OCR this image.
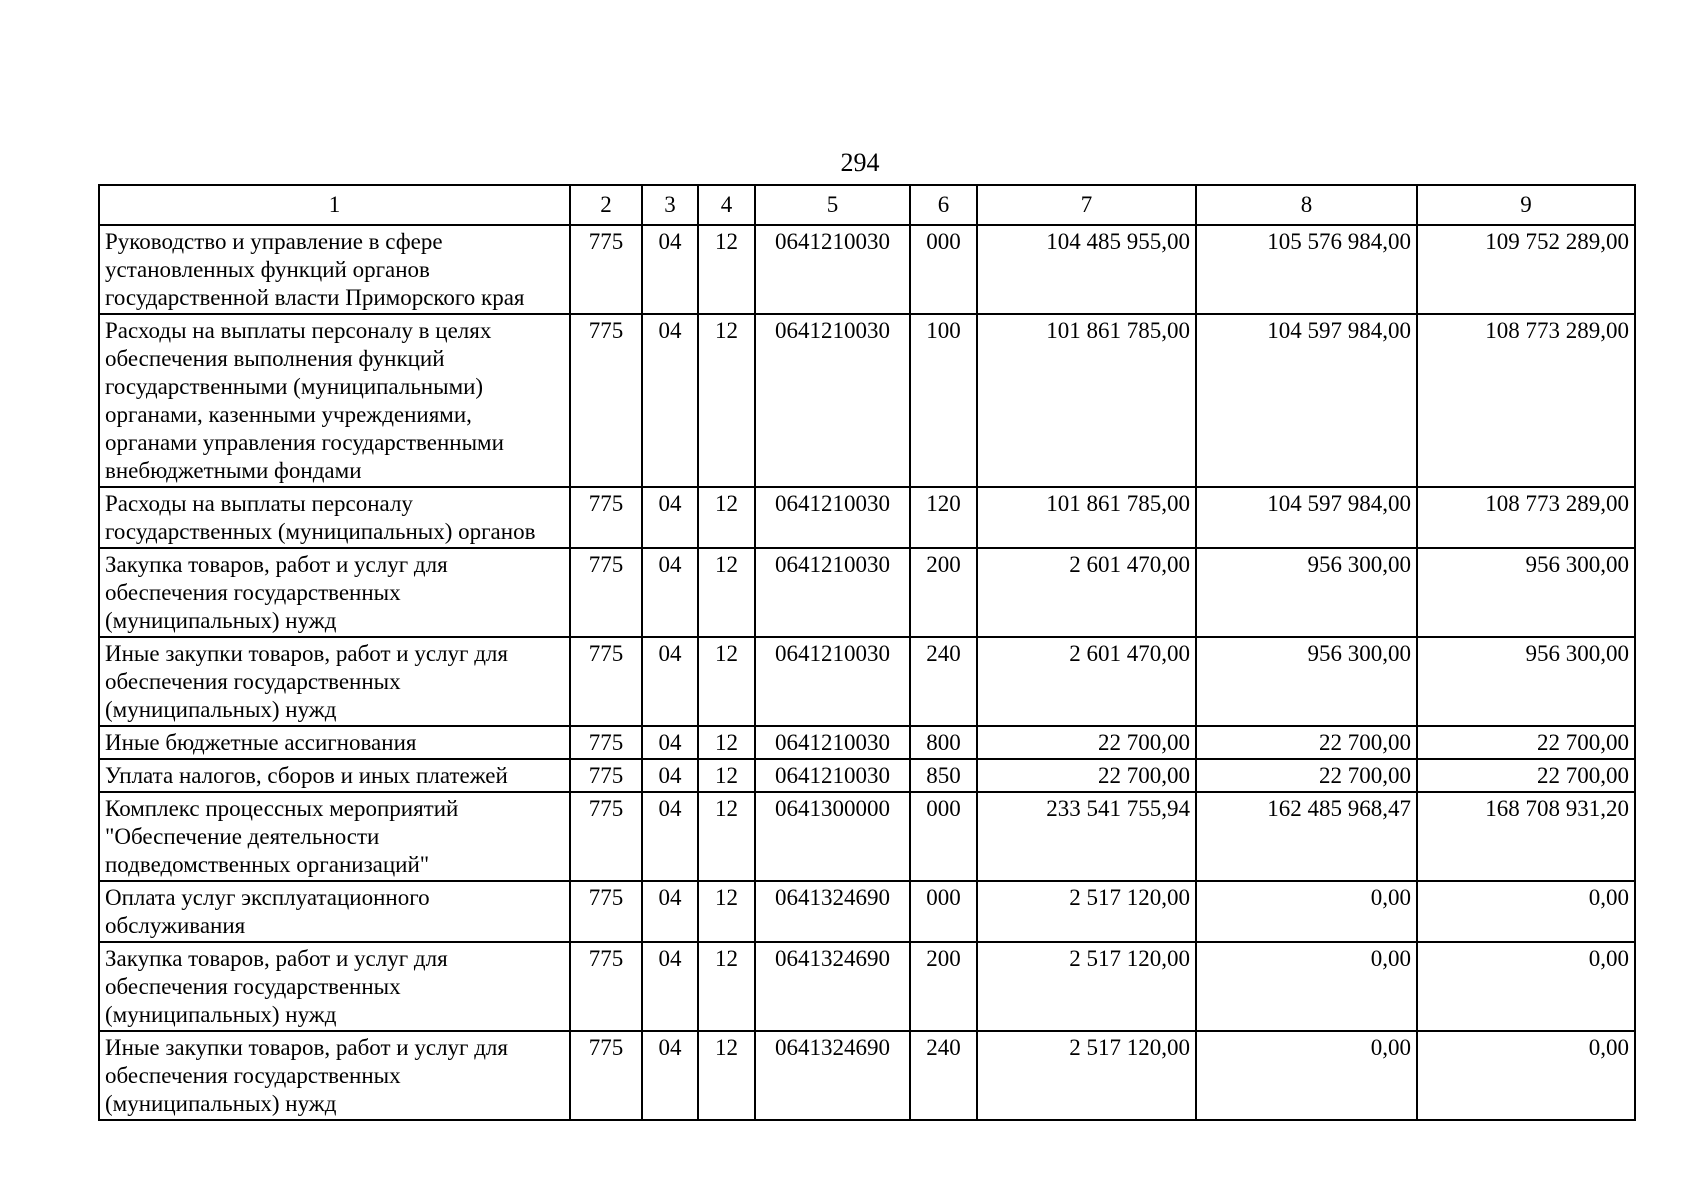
294
1	2	3	4	5	6	7	8	9
Руководство и управление в сфере установленных функций органов государственной власти Приморского края	775	04	12	0641210030	000	104 485 955,00	105 576 984,00	109 752 289,00
Расходы на выплаты персоналу в целях обеспечения выполнения функций государственными (муниципальными) органами, казенными учреждениями, органами управления государственными внебюджетными фондами	775	04	12	0641210030	100	101 861 785,00	104 597 984,00	108 773 289,00
Расходы на выплаты персоналу государственных (муниципальных) органов	775	04	12	0641210030	120	101 861 785,00	104 597 984,00	108 773 289,00
Закупка товаров, работ и услуг для обеспечения государственных (муниципальных) нужд	775	04	12	0641210030	200	2 601 470,00	956 300,00	956 300,00
Иные закупки товаров, работ и услуг для обеспечения государственных (муниципальных) нужд	775	04	12	0641210030	240	2 601 470,00	956 300,00	956 300,00
Иные бюджетные ассигнования	775	04	12	0641210030	800	22 700,00	22 700,00	22 700,00
Уплата налогов, сборов и иных платежей	775	04	12	0641210030	850	22 700,00	22 700,00	22 700,00
Комплекс процессных мероприятий "Обеспечение деятельности подведомственных организаций"	775	04	12	0641300000	000	233 541 755,94	162 485 968,47	168 708 931,20
Оплата услуг эксплуатационного обслуживания	775	04	12	0641324690	000	2 517 120,00	0,00	0,00
Закупка товаров, работ и услуг для обеспечения государственных (муниципальных) нужд	775	04	12	0641324690	200	2 517 120,00	0,00	0,00
Иные закупки товаров, работ и услуг для обеспечения государственных (муниципальных) нужд	775	04	12	0641324690	240	2 517 120,00	0,00	0,00
